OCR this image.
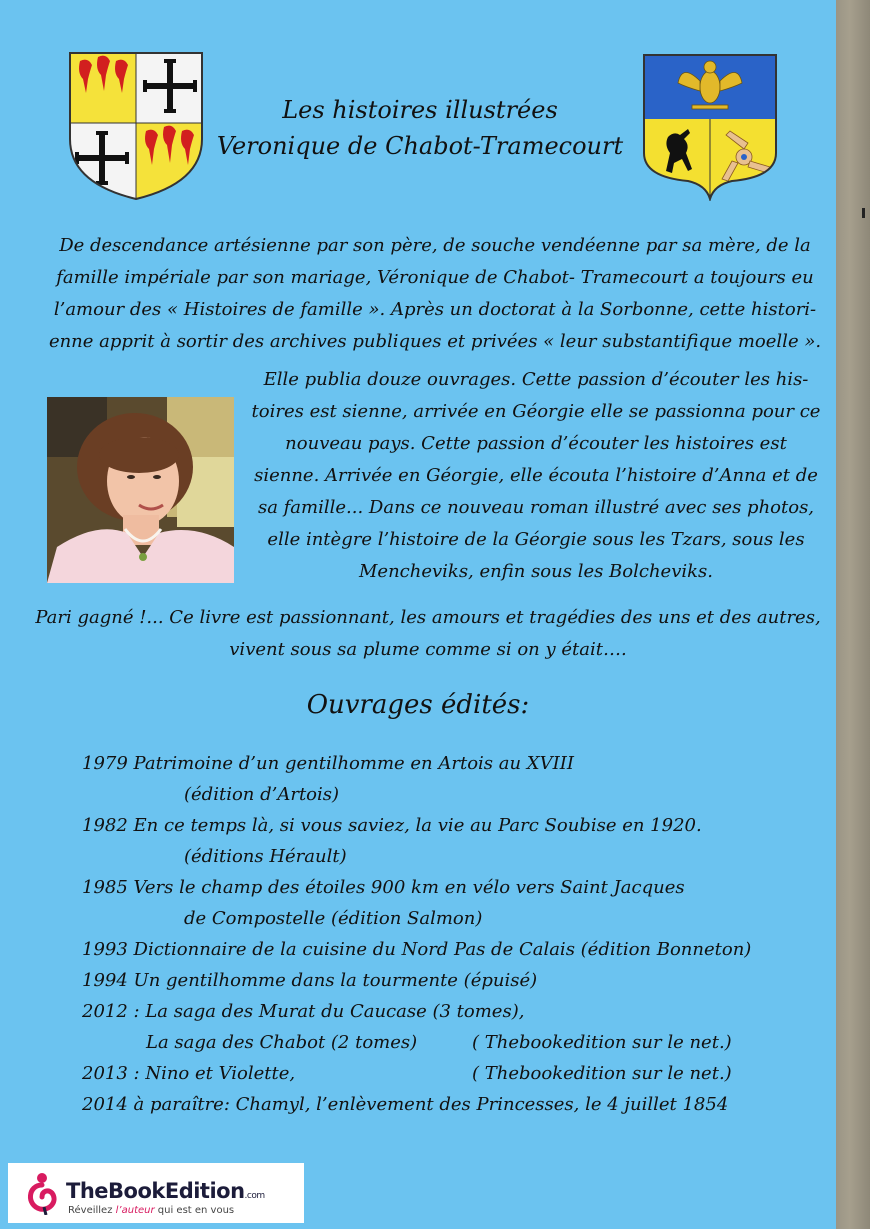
Les histoires illustrées
Veronique de Chabot-Tramecourt
De descendance artésienne par son père, de souche vendéenne par sa mère, de la
famille impériale par son mariage, Véronique de Chabot- Tramecourt a toujours eu
l’amour des « Histoires de famille ». Après un doctorat à la Sorbonne, cette histori-
enne apprit à sortir des archives publiques et privées « leur substantifique moelle ».
Elle publia douze ouvrages. Cette passion d’écouter les his-
toires est sienne, arrivée en Géorgie elle se passionna pour ce
nouveau pays. Cette passion d’écouter les histoires est
sienne. Arrivée en Géorgie, elle écouta l’histoire d’Anna et de
sa famille... Dans ce nouveau roman illustré avec ses photos,
elle intègre l’histoire de la Géorgie sous les Tzars, sous les
Mencheviks, enfin sous les Bolcheviks.
Pari gagné !... Ce livre est passionnant, les amours et tragédies des uns et des autres,
vivent sous sa plume comme si on y était….
Ouvrages édités:
1979 Patrimoine d’un gentilhomme en Artois au XVIII
(édition d’Artois)
1982 En ce temps là, si vous saviez, la vie au Parc Soubise en 1920.
(éditions Hérault)
1985 Vers le champ des étoiles 900 km en vélo vers Saint Jacques
de Compostelle (édition Salmon)
1993 Dictionnaire de la cuisine du Nord Pas de Calais (édition Bonneton)
1994 Un gentilhomme dans la tourmente (épuisé)
2012 : La saga des Murat du Caucase (3 tomes),
La saga des Chabot (2 tomes)	( Thebookedition sur le net.)
2013 : Nino et Violette,	( Thebookedition sur le net.)
2014 à paraître: Chamyl, l’enlèvement des Princesses, le 4 juillet 1854
TheBookEdition.com
Réveillez l’auteur qui est en vous
